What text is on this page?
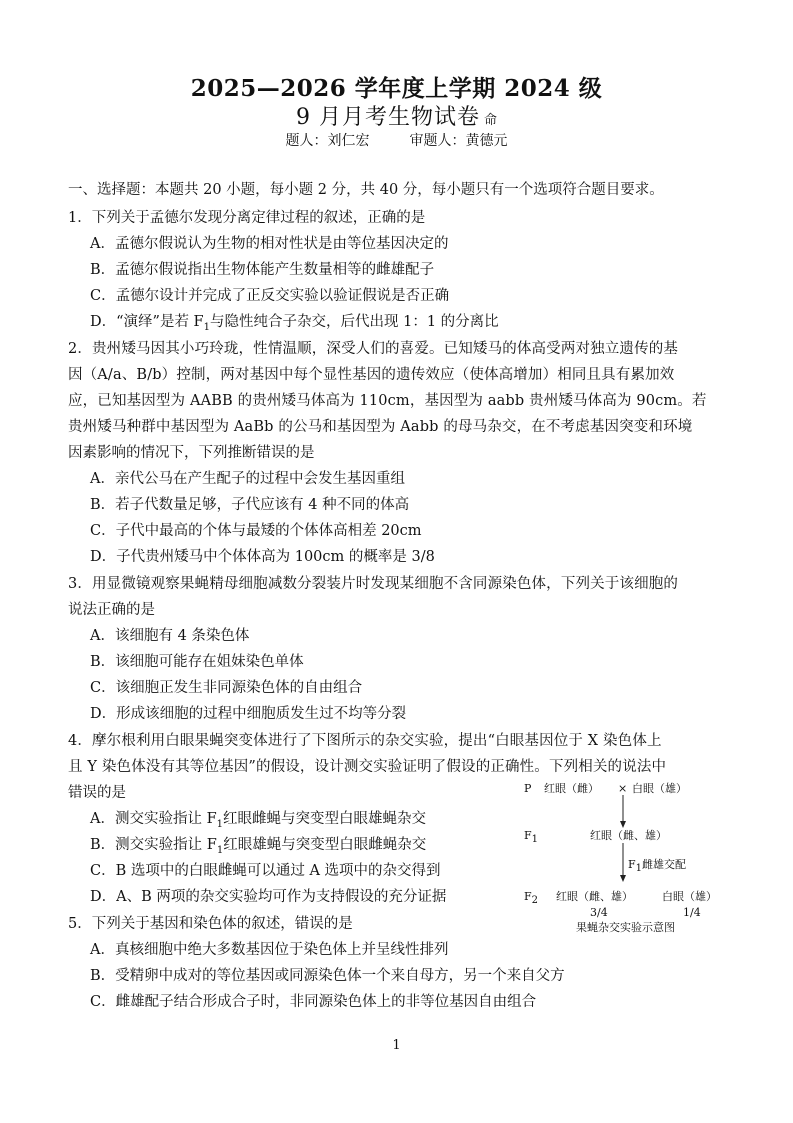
2025—2026 学年度上学期 2024 级
9 月月考生物试卷 命
题人：刘仁宏	审题人：黄德元
一、选择题：本题共 20 小题，每小题 2 分，共 40 分，每小题只有一个选项符合题目要求。
1．下列关于孟德尔发现分离定律过程的叙述，正确的是
A．孟德尔假说认为生物的相对性状是由等位基因决定的
B．孟德尔假说指出生物体能产生数量相等的雌雄配子
C．孟德尔设计并完成了正反交实验以验证假说是否正确
D．“演绎”是若 $F_1$与隐性纯合子杂交，后代出现 1：1 的分离比
2．贵州矮马因其小巧玲珑，性情温顺，深受人们的喜爱。已知矮马的体高受两对独立遗传的基
因（A/a、B/b）控制，两对基因中每个显性基因的遗传效应（使体高增加）相同且具有累加效
应，已知基因型为 AABB 的贵州矮马体高为 110cm，基因型为 aabb 贵州矮马体高为 90cm。若
贵州矮马种群中基因型为 AaBb 的公马和基因型为 Aabb 的母马杂交，在不考虑基因突变和环境
因素影响的情况下，下列推断错误的是
A．亲代公马在产生配子的过程中会发生基因重组
B．若子代数量足够，子代应该有 4 种不同的体高
C．子代中最高的个体与最矮的个体体高相差 20cm
D．子代贵州矮马中个体体高为 100cm 的概率是 3/8
3．用显微镜观察果蝇精母细胞减数分裂装片时发现某细胞不含同源染色体，下列关于该细胞的
说法正确的是
A．该细胞有 4 条染色体
B．该细胞可能存在姐妹染色单体
C．该细胞正发生非同源染色体的自由组合
D．形成该细胞的过程中细胞质发生过不均等分裂
4．摩尔根利用白眼果蝇突变体进行了下图所示的杂交实验，提出“白眼基因位于 X 染色体上
且 Y 染色体没有其等位基因”的假设，设计测交实验证明了假设的正确性。下列相关的说法中
错误的是
A．测交实验指让 $F_1$红眼雌蝇与突变型白眼雄蝇杂交
B．测交实验指让 $F_1$红眼雄蝇与突变型白眼雌蝇杂交
C．B 选项中的白眼雌蝇可以通过 A 选项中的杂交得到
D．A、B 两项的杂交实验均可作为支持假设的充分证据
5．下列关于基因和染色体的叙述，错误的是
A．真核细胞中绝大多数基因位于染色体上并呈线性排列
B．受精卵中成对的等位基因或同源染色体一个来自母方，另一个来自父方
C．雌雄配子结合形成合子时，非同源染色体上的非等位基因自由组合
P 红眼（雌） × 白眼（雄）
$F_1$	红眼（雌、雄）
$F_1$雌雄交配
$F_2$ 红眼（雌、雄）	白眼（雄）
3/4	1/4
果蝇杂交实验示意图
1
